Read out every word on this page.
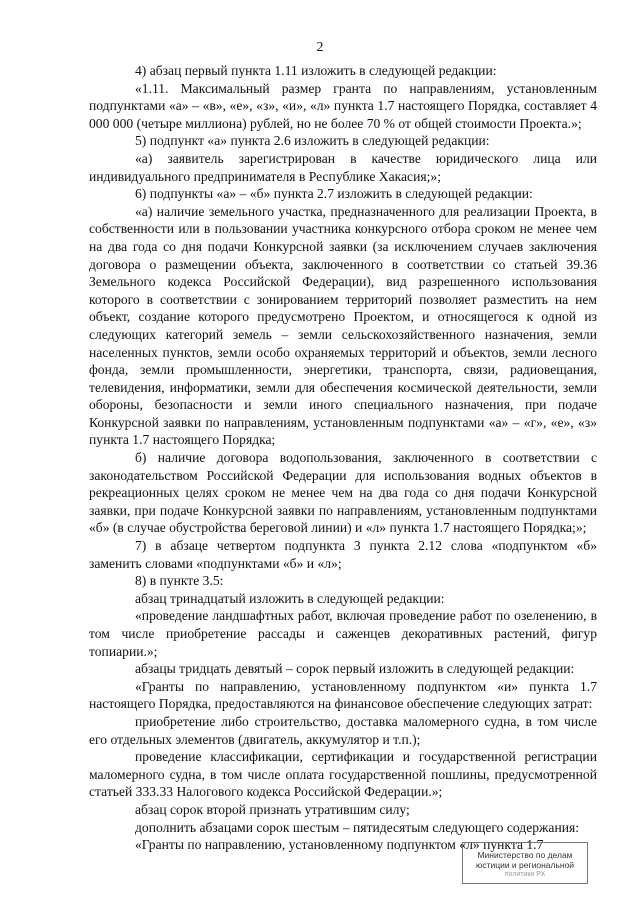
2

4) абзац первый пункта 1.11 изложить в следующей редакции:

«1.11. Максимальный размер гранта по направлениям, установленным подпунктами «а» – «в», «е», «з», «и», «л» пункта 1.7 настоящего Порядка, составляет 4 000 000 (четыре миллиона) рублей, но не более 70 % от общей стоимости Проекта.»;

5) подпункт «а» пункта 2.6 изложить в следующей редакции:

«а) заявитель зарегистрирован в качестве юридического лица или индивидуального предпринимателя в Республике Хакасия;»;

6) подпункты «а» – «б» пункта 2.7 изложить в следующей редакции:

«а) наличие земельного участка, предназначенного для реализации Проекта, в собственности или в пользовании участника конкурсного отбора сроком не менее чем на два года со дня подачи Конкурсной заявки (за исключением случаев заключения договора о размещении объекта, заключенного в соответствии со статьей 39.36 Земельного кодекса Российской Федерации), вид разрешенного использования которого в соответствии с зонированием территорий позволяет разместить на нем объект, создание которого предусмотрено Проектом, и относящегося к одной из следующих категорий земель – земли сельскохозяйственного назначения, земли населенных пунктов, земли особо охраняемых территорий и объектов, земли лесного фонда, земли промышленности, энергетики, транспорта, связи, радиовещания, телевидения, информатики, земли для обеспечения космической деятельности, земли обороны, безопасности и земли иного специального назначения, при подаче Конкурсной заявки по направлениям, установленным подпунктами «а» – «г», «е», «з» пункта 1.7 настоящего Порядка;

б) наличие договора водопользования, заключенного в соответствии с законодательством Российской Федерации для использования водных объектов в рекреационных целях сроком не менее чем на два года со дня подачи Конкурсной заявки, при подаче Конкурсной заявки по направлениям, установленным подпунктами «б» (в случае обустройства береговой линии) и «л» пункта 1.7 настоящего Порядка;»;

7) в абзаце четвертом подпункта 3 пункта 2.12 слова «подпунктом «б» заменить словами «подпунктами «б» и «л»;

8) в пункте 3.5:

абзац тринадцатый изложить в следующей редакции:

«проведение ландшафтных работ, включая проведение работ по озеленению, в том числе приобретение рассады и саженцев декоративных растений, фигур топиарии.»;

абзацы тридцать девятый – сорок первый изложить в следующей редакции:

«Гранты по направлению, установленному подпунктом «и» пункта 1.7 настоящего Порядка, предоставляются на финансовое обеспечение следующих затрат:

приобретение либо строительство, доставка маломерного судна, в том числе его отдельных элементов (двигатель, аккумулятор и т.п.);

проведение классификации, сертификации и государственной регистрации маломерного судна, в том числе оплата государственной пошлины, предусмотренной статьей 333.33 Налогового кодекса Российской Федерации.»;

абзац сорок второй признать утратившим силу;

дополнить абзацами сорок шестым – пятидесятым следующего содержания:

«Гранты по направлению, установленному подпунктом «л» пункта 1.7

Министерство по делам
юстиции и региональной
политики РХ
